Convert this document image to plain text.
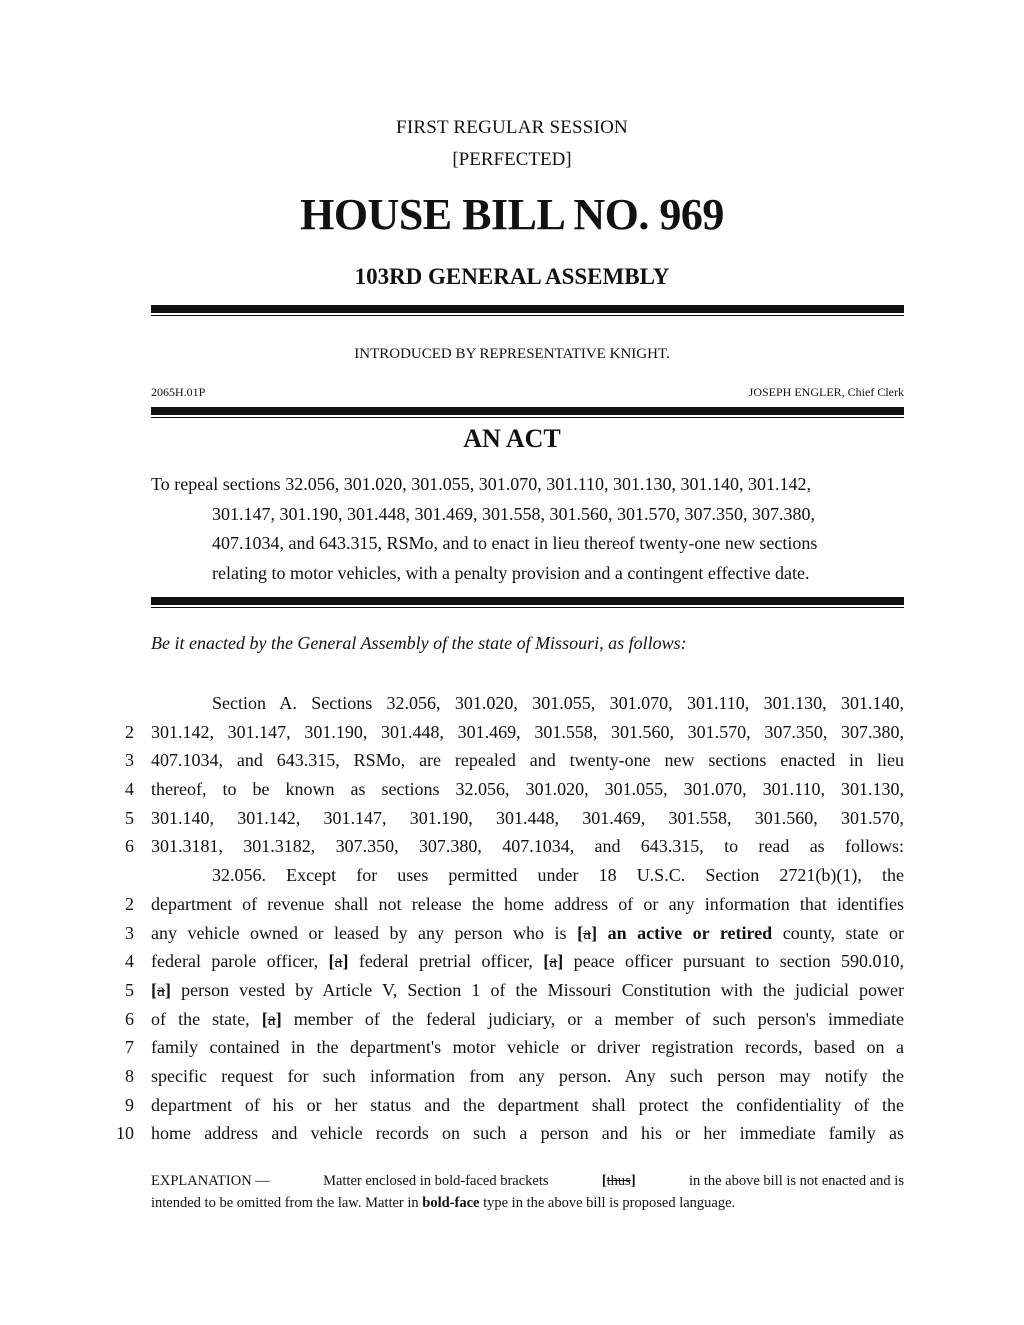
FIRST REGULAR SESSION
[PERFECTED]
HOUSE BILL NO. 969
103RD GENERAL ASSEMBLY
INTRODUCED BY REPRESENTATIVE KNIGHT.
2065H.01P	JOSEPH ENGLER, Chief Clerk
AN ACT
To repeal sections 32.056, 301.020, 301.055, 301.070, 301.110, 301.130, 301.140, 301.142,
301.147, 301.190, 301.448, 301.469, 301.558, 301.560, 301.570, 307.350, 307.380,
407.1034, and 643.315, RSMo, and to enact in lieu thereof twenty-one new sections
relating to motor vehicles, with a penalty provision and a contingent effective date.
Be it enacted by the General Assembly of the state of Missouri, as follows:
Section A. Sections 32.056, 301.020, 301.055, 301.070, 301.110, 301.130, 301.140,
2 301.142, 301.147, 301.190, 301.448, 301.469, 301.558, 301.560, 301.570, 307.350, 307.380,
3 407.1034, and 643.315, RSMo, are repealed and twenty-one new sections enacted in lieu
4 thereof, to be known as sections 32.056, 301.020, 301.055, 301.070, 301.110, 301.130,
5 301.140, 301.142, 301.147, 301.190, 301.448, 301.469, 301.558, 301.560, 301.570,
6 301.3181, 301.3182, 307.350, 307.380, 407.1034, and 643.315, to read as follows:
32.056. Except for uses permitted under 18 U.S.C. Section 2721(b)(1), the
2 department of revenue shall not release the home address of or any information that identifies
3 any vehicle owned or leased by any person who is [a] an active or retired county, state or
4 federal parole officer, [a] federal pretrial officer, [a] peace officer pursuant to section 590.010,
5 [a] person vested by Article V, Section 1 of the Missouri Constitution with the judicial power
6 of the state, [a] member of the federal judiciary, or a member of such person's immediate
7 family contained in the department's motor vehicle or driver registration records, based on a
8 specific request for such information from any person. Any such person may notify the
9 department of his or her status and the department shall protect the confidentiality of the
10 home address and vehicle records on such a person and his or her immediate family as
EXPLANATION —	Matter enclosed in bold-faced brackets	[thus]	in the above bill is not enacted and is
intended to be omitted from the law. Matter in bold-face type in the above bill is proposed language.
